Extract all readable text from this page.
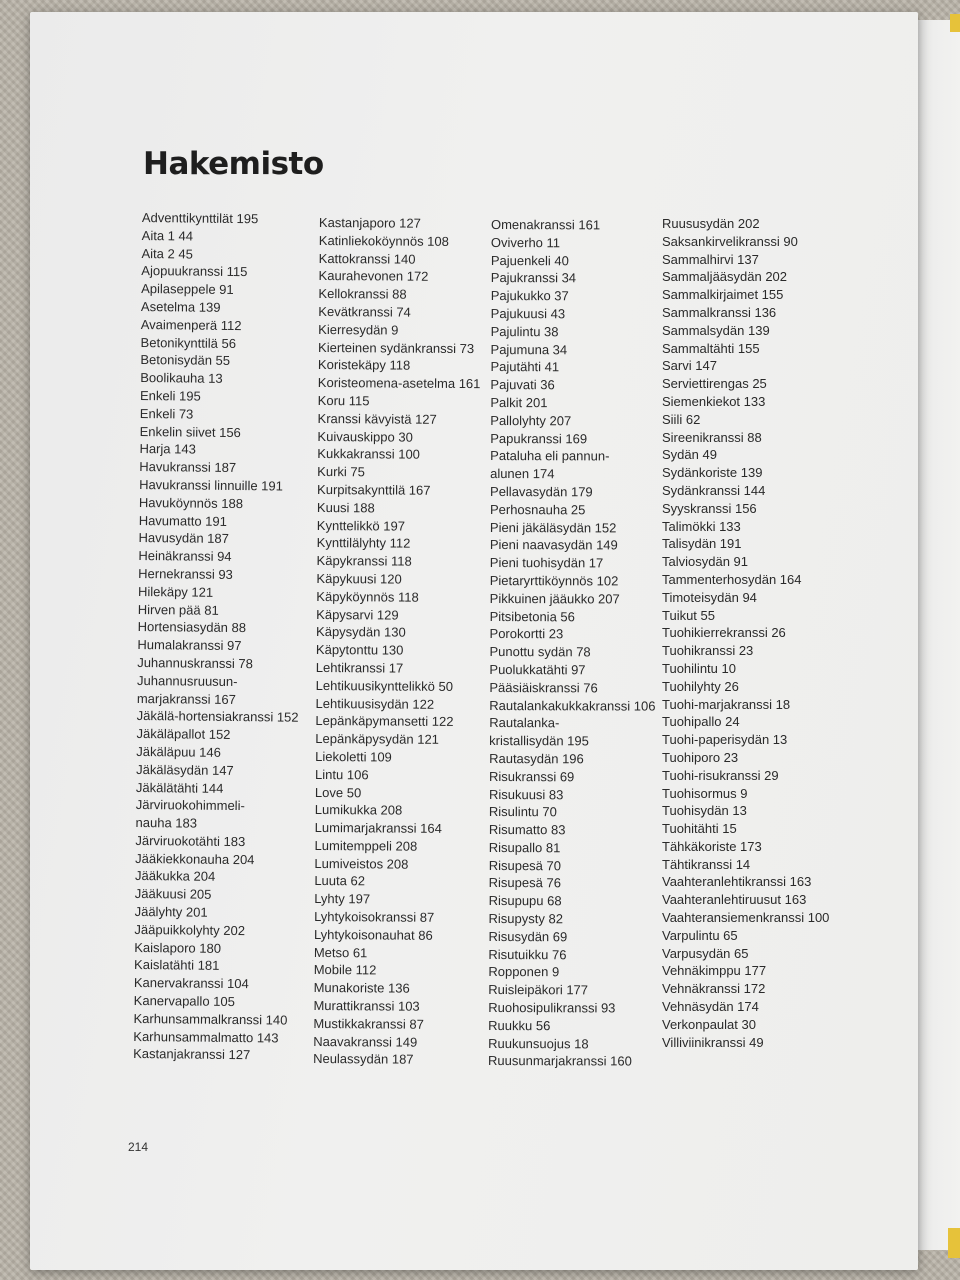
Hakemisto
Adventtikynttilät 195
Aita 1 44
Aita 2 45
Ajopuukranssi 115
Apilaseppele 91
Asetelma 139
Avaimenperä 112
Betonikynttilä 56
Betonisydän 55
Boolikauha 13
Enkeli 195
Enkeli 73
Enkelin siivet 156
Harja 143
Havukranssi 187
Havukranssi linnuille 191
Havuköynnös 188
Havumatto 191
Havusydän 187
Heinäkranssi 94
Hernekranssi 93
Hilekäpy 121
Hirven pää 81
Hortensiasydän 88
Humalakranssi 97
Juhannuskranssi 78
Juhannusruusun-
marjakranssi 167
Jäkälä-hortensiakranssi 152
Jäkäläpallot 152
Jäkäläpuu 146
Jäkäläsydän 147
Jäkälätähti 144
Järviruokohimmeli-
nauha 183
Järviruokotähti 183
Jääkiekkonauha 204
Jääkukka 204
Jääkuusi 205
Jäälyhty 201
Jääpuikkolyhty 202
Kaislaporo 180
Kaislatähti 181
Kanervakranssi 104
Kanervapallo 105
Karhunsammalkranssi 140
Karhunsammalmatto 143
Kastanjakranssi 127
Kastanjaporo 127
Katinliekoköynnös 108
Kattokranssi 140
Kaurahevonen 172
Kellokranssi 88
Kevätkranssi 74
Kierresydän 9
Kierteinen sydänkranssi 73
Koristekäpy 118
Koristeomena-asetelma 161
Koru 115
Kranssi kävyistä 127
Kuivauskippo 30
Kukkakranssi 100
Kurki 75
Kurpitsakynttilä 167
Kuusi 188
Kynttelikkö 197
Kynttilälyhty 112
Käpykranssi 118
Käpykuusi 120
Käpyköynnös 118
Käpysarvi 129
Käpysydän 130
Käpytonttu 130
Lehtikranssi 17
Lehtikuusikynttelikkö 50
Lehtikuusisydän 122
Lepänkäpymansetti 122
Lepänkäpysydän 121
Liekoletti 109
Lintu 106
Love 50
Lumikukka 208
Lumimarjakranssi 164
Lumitemppeli 208
Lumiveistos 208
Luuta 62
Lyhty 197
Lyhtykoisokranssi 87
Lyhtykoisonauhat 86
Metso 61
Mobile 112
Munakoriste 136
Murattikranssi 103
Mustikkakranssi 87
Naavakranssi 149
Neulassydän 187
Omenakranssi 161
Oviverho 11
Pajuenkeli 40
Pajukranssi 34
Pajukukko 37
Pajukuusi 43
Pajulintu 38
Pajumuna 34
Pajutähti 41
Pajuvati 36
Palkit 201
Pallolyhty 207
Papukranssi 169
Pataluha eli pannun-
alunen 174
Pellavasydän 179
Perhosnauha 25
Pieni jäkäläsydän 152
Pieni naavasydän 149
Pieni tuohisydän 17
Pietaryrttiköynnös 102
Pikkuinen jääukko 207
Pitsibetonia 56
Porokortti 23
Punottu sydän 78
Puolukkatähti 97
Pääsiäiskranssi 76
Rautalankakukkakranssi 106
Rautalanka-
kristallisydän 195
Rautasydän 196
Risukranssi 69
Risukuusi 83
Risulintu 70
Risumatto 83
Risupallo 81
Risupesä 70
Risupesä 76
Risupupu 68
Risupysty 82
Risusydän 69
Risutuikku 76
Ropponen 9
Ruisleipäkori 177
Ruohosipulikranssi 93
Ruukku 56
Ruukunsuojus 18
Ruusunmarjakranssi 160
Ruususydän 202
Saksankirvelikranssi 90
Sammalhirvi 137
Sammaljääsydän 202
Sammalkirjaimet 155
Sammalkranssi 136
Sammalsydän 139
Sammaltähti 155
Sarvi 147
Serviettirengas 25
Siemenkiekot 133
Siili 62
Sireenikranssi 88
Sydän 49
Sydänkoriste 139
Sydänkranssi 144
Syyskranssi 156
Talimökki 133
Talisydän 191
Talviosydän 91
Tammenterhosydän 164
Timoteisydän 94
Tuikut 55
Tuohikierrekranssi 26
Tuohikranssi 23
Tuohilintu 10
Tuohilyhty 26
Tuohi-marjakranssi 18
Tuohipallo 24
Tuohi-paperisydän 13
Tuohiporo 23
Tuohi-risukranssi 29
Tuohisormus 9
Tuohisydän 13
Tuohitähti 15
Tähkäkoriste 173
Tähtikranssi 14
Vaahteranlehtikranssi 163
Vaahteranlehtiruusut 163
Vaahteransiemenkranssi 100
Varpulintu 65
Varpusydän 65
Vehnäkimppu 177
Vehnäkranssi 172
Vehnäsydän 174
Verkonpaulat 30
Villiviinikranssi 49
214
